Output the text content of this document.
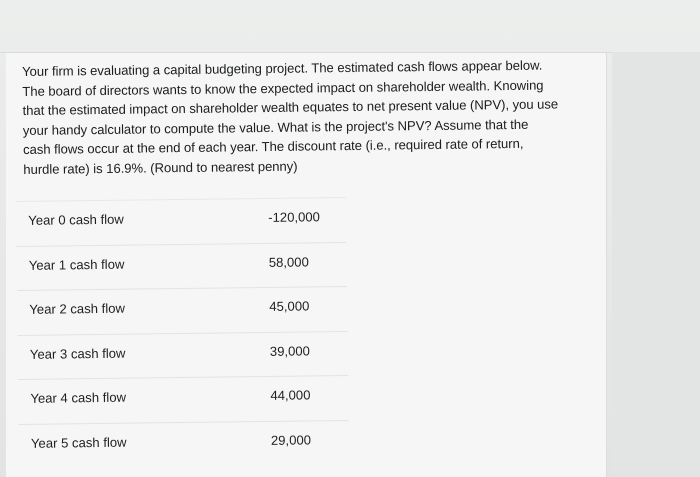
Your firm is evaluating a capital budgeting project. The estimated cash flows appear below.
The board of directors wants to know the expected impact on shareholder wealth. Knowing
that the estimated impact on shareholder wealth equates to net present value (NPV), you use
your handy calculator to compute the value. What is the project's NPV? Assume that the
cash flows occur at the end of each year. The discount rate (i.e., required rate of return,
hurdle rate) is 16.9%. (Round to nearest penny)

Year 0 cash flow	-120,000
Year 1 cash flow	58,000
Year 2 cash flow	45,000
Year 3 cash flow	39,000
Year 4 cash flow	44,000
Year 5 cash flow	29,000
